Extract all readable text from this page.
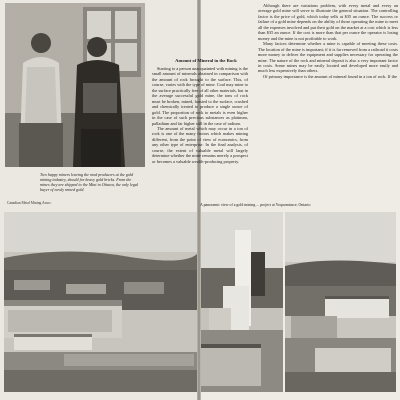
Two happy miners leaving the mod producers at the gold mining industry, should for heavy gold bricks. From the mines they are shipped to the Mint in Ottawa, the only legal buyer of newly mined gold.
Canadian Metal Mining Assoc.
Amount of Mineral in the Rock

Starting to a person unacquainted with mining is the small amount of minerals obtained in comparison with the amount of rock brought to the surface. This, of course, varies with the type of mine. Coal may mine to the surface practically free of all other materials, but in the average successful gold mine, the tons of rock must be broken, mined, hoisted to the surface, crushed and chemically treated to produce a single ounce of gold. The proportion of rock to metals is even higher in the case of such precious substances as platinum, palladium and far higher still in the case of radium.

The amount of metal which may occur in a ton of rock is one of the many factors which makes mining different, from the point of view of economics, from any other type of enterprise. In the final analysis, of course, the extent of valuable metal will largely determine whether the mine remains merely a prospect or becomes a valuable wealth-producing property.

Although there are variations problem, with every metal and every an average gold mine will serve to illustrate the general situation. The controlling factor is the price of gold, which today sells at $35 an ounce. The success or failure of a gold mine depends on the ability of those operating the mine to meet all the expenses involved and put their gold on the market at a cost which is less than $35 an ounce. If the cost is more than that per ounce the operator is losing money and the mine is not profitable to work.

Many factors determine whether a mine is capable of meeting these costs. The location of the mine is important; if it is far removed from a railroad it costs more money to deliver the equipment and supplies necessary for operating the mine. The nature of the rock and mineral deposit is also a very important factor in costs. Some mines may be easily located and developed more easily and much less expensively than others.

Of primary importance is the amount of mineral found in a ton of rock. If the

A panoramic view of a gold mining ... project at Yoquomiasce, Ontario
